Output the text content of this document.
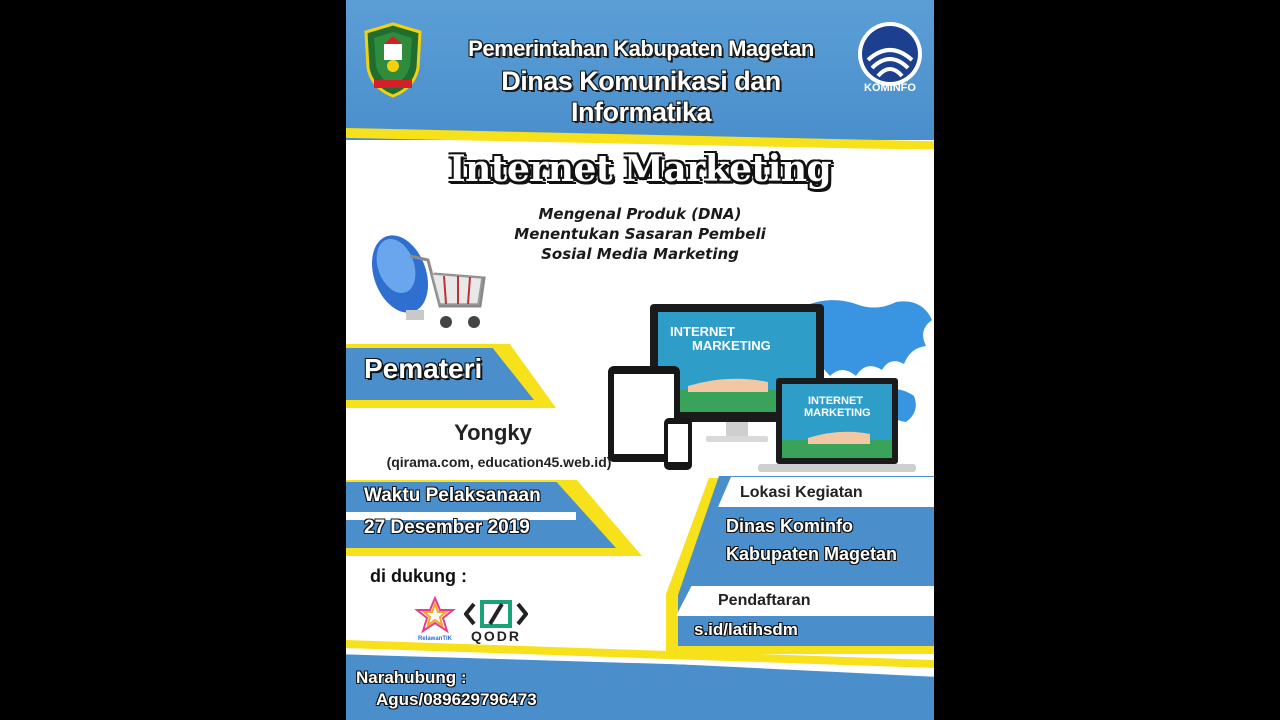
Pemerintahan Kabupaten Magetan
Dinas Komunikasi dan Informatika
KOMINFO
Internet Marketing
Mengenal Produk (DNA)
Menentukan Sasaran Pembeli
Sosial Media Marketing
INTERNET
MARKETING
INTERNET
MARKETING
Pemateri
Yongky
(qirama.com, education45.web.id)
Waktu Pelaksanaan
27 Desember 2019
Lokasi Kegiatan
Dinas Kominfo
Kabupaten Magetan
Pendaftaran
s.id/latihsdm
di dukung :
RelawanTIK	QODR
Narahubung :
Agus/089629796473
